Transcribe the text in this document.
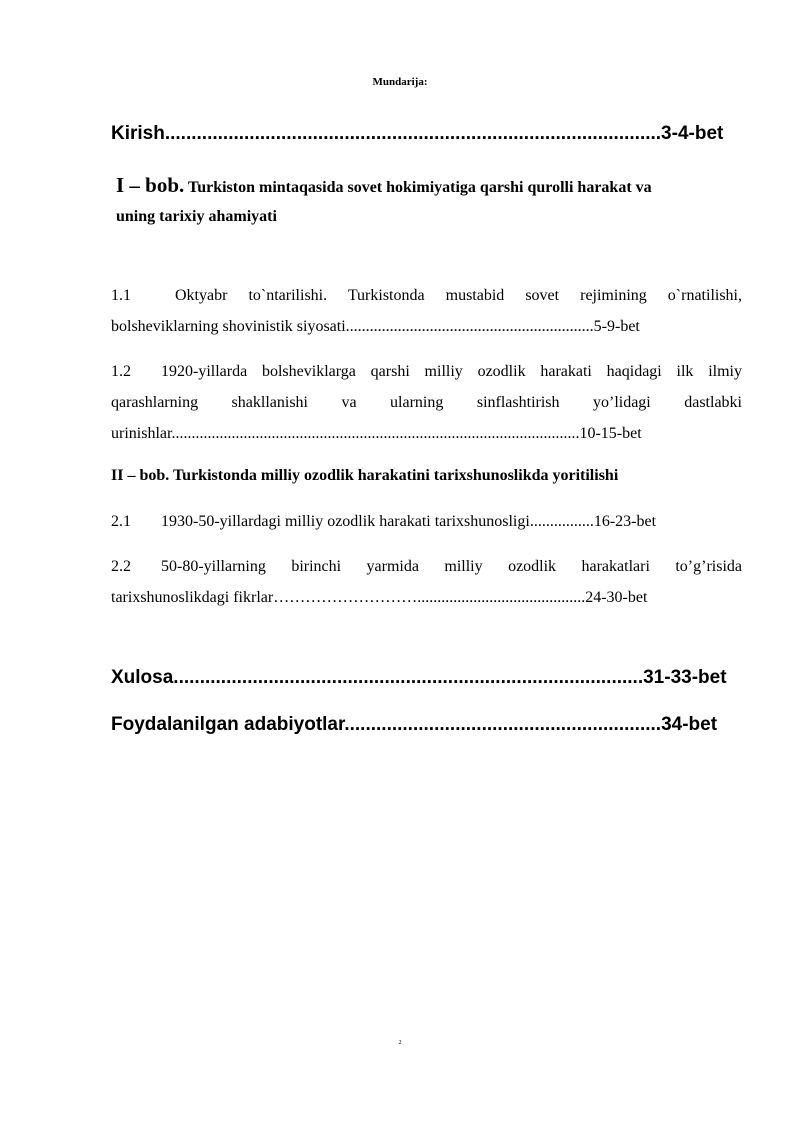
Mundarija:
Kirish..............................................................................................3-4-bet
I – bob. Turkiston mintaqasida sovet hokimiyatiga qarshi qurolli harakat va
uning tarixiy ahamiyati
1.1	Oktyabr to`ntarilishi. Turkistonda mustabid sovet rejimining o`rnatilishi,
bolsheviklarning shovinistik siyosati..............................................................5-9-bet
1.2 1920-yillarda bolsheviklarga qarshi milliy ozodlik harakati haqidagi ilk ilmiy
qarashlarning shakllanishi va ularning sinflashtirish yo’lidagi dastlabki
urinishlar......................................................................................................10-15-bet
II – bob. Turkistonda milliy ozodlik harakatini tarixshunoslikda yoritilishi
2.1 1930-50-yillardagi milliy ozodlik harakati tarixshunosligi................16-23-bet
2.2 50-80-yillarning birinchi yarmida milliy ozodlik harakatlari to’g’risida
tarixshunoslikdagi fikrlar………………………..........................................24-30-bet
Xulosa.........................................................................................31-33-bet
Foydalanilgan adabiyotlar............................................................34-bet
2
